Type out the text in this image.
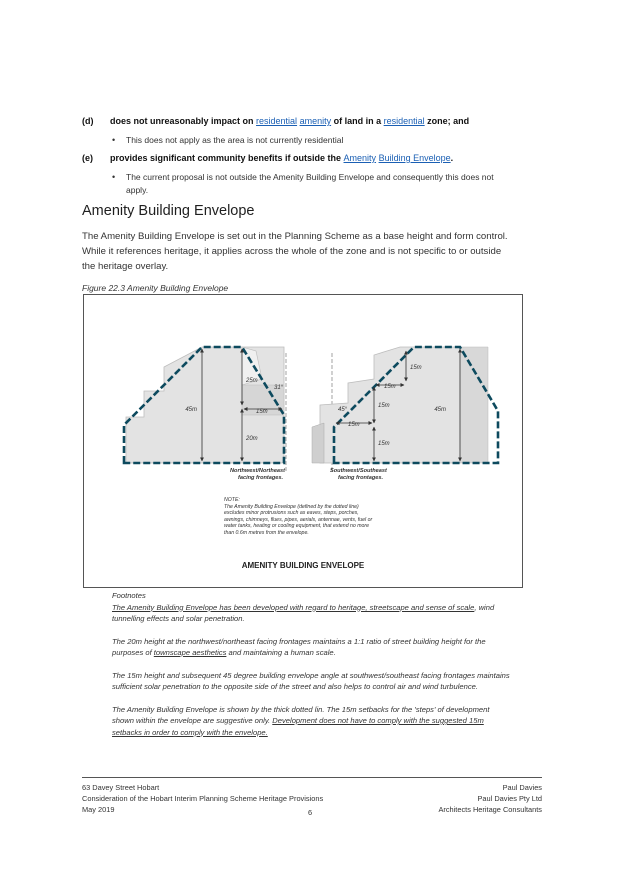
(d) does not unreasonably impact on residential amenity of land in a residential zone; and
• This does not apply as the area is not currently residential
(e) provides significant community benefits if outside the Amenity Building Envelope.
• The current proposal is not outside the Amenity Building Envelope and consequently this does not
apply.
Amenity Building Envelope
The Amenity Building Envelope is set out in the Planning Scheme as a base height and form control.
While it references heritage, it applies across the whole of the zone and is not specific to or outside
the heritage overlay.
Figure 22.3 Amenity Building Envelope
45m
25m
20m
15m
31°
Northwest/Northeast
facing frontages.
45m
45°
15m
15m
15m
15m
15m
Southwest/Southeast
facing frontages.
NOTE:
The Amenity Building Envelope (defined by the dotted line)
excludes minor protrusions such as eaves, steps, porches,
awnings, chimneys, flues, pipes, aerials, antennae, vents, fuel or
water tanks, heating or cooling equipment, that extend no more
than 0.6m metres from the envelope.
AMENITY BUILDING ENVELOPE
Footnotes
The Amenity Building Envelope has been developed with regard to heritage, streetscape and sense of scale, wind
tunnelling effects and solar penetration.
The 20m height at the northwest/northeast facing frontages maintains a 1:1 ratio of street building height for the
purposes of townscape aesthetics and maintaining a human scale.
The 15m height and subsequent 45 degree building envelope angle at southwest/southeast facing frontages maintains
sufficient solar penetration to the opposite side of the street and also helps to control air and wind turbulence.
The Amenity Building Envelope is shown by the thick dotted lin. The 15m setbacks for the 'steps' of development
shown within the envelope are suggestive only. Development does not have to comply with the suggested 15m
setbacks in order to comply with the envelope.
63 Davey Street Hobart
Consideration of the Hobart Interim Planning Scheme Heritage Provisions
May 2019
Paul Davies
Paul Davies Pty Ltd
Architects Heritage Consultants
6
